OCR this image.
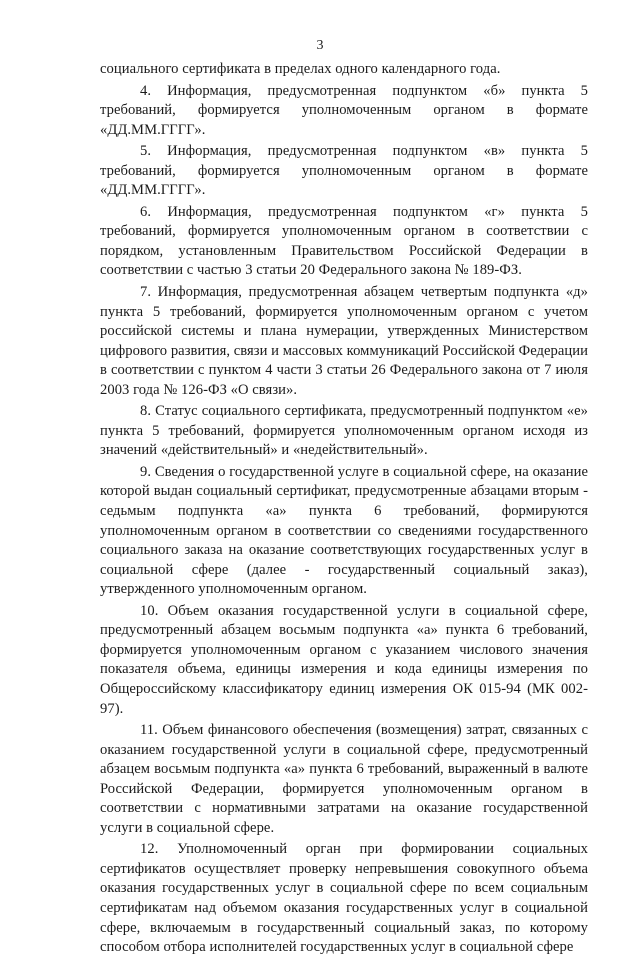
3

социального сертификата в пределах одного календарного года.

4. Информация, предусмотренная подпунктом «б» пункта 5 требований, формируется уполномоченным органом в формате «ДД.ММ.ГГГГ».

5. Информация, предусмотренная подпунктом «в» пункта 5 требований, формируется уполномоченным органом в формате «ДД.ММ.ГГГГ».

6. Информация, предусмотренная подпунктом «г» пункта 5 требований, формируется уполномоченным органом в соответствии с порядком, установленным Правительством Российской Федерации в соответствии с частью 3 статьи 20 Федерального закона № 189-ФЗ.

7. Информация, предусмотренная абзацем четвертым подпункта «д» пункта 5 требований, формируется уполномоченным органом с учетом российской системы и плана нумерации, утвержденных Министерством цифрового развития, связи и массовых коммуникаций Российской Федерации в соответствии с пунктом 4 части 3 статьи 26 Федерального закона от 7 июля 2003 года № 126-ФЗ «О связи».

8. Статус социального сертификата, предусмотренный подпунктом «е» пункта 5 требований, формируется уполномоченным органом исходя из значений «действительный» и «недействительный».

9. Сведения о государственной услуге в социальной сфере, на оказание которой выдан социальный сертификат, предусмотренные абзацами вторым - седьмым подпункта «а» пункта 6 требований, формируются уполномоченным органом в соответствии со сведениями государственного социального заказа на оказание соответствующих государственных услуг в социальной сфере (далее - государственный социальный заказ), утвержденного уполномоченным органом.

10. Объем оказания государственной услуги в социальной сфере, предусмотренный абзацем восьмым подпункта «а» пункта 6 требований, формируется уполномоченным органом с указанием числового значения показателя объема, единицы измерения и кода единицы измерения по Общероссийскому классификатору единиц измерения ОК 015-94 (МК 002-97).

11. Объем финансового обеспечения (возмещения) затрат, связанных с оказанием государственной услуги в социальной сфере, предусмотренный абзацем восьмым подпункта «а» пункта 6 требований, выраженный в валюте Российской Федерации, формируется уполномоченным органом в соответствии с нормативными затратами на оказание государственной услуги в социальной сфере.

12. Уполномоченный орган при формировании социальных сертификатов осуществляет проверку непревышения совокупного объема оказания государственных услуг в социальной сфере по всем социальным сертификатам над объемом оказания государственных услуг в социальной сфере, включаемым в государственный социальный заказ, по которому способом отбора исполнителей государственных услуг в социальной сфере
